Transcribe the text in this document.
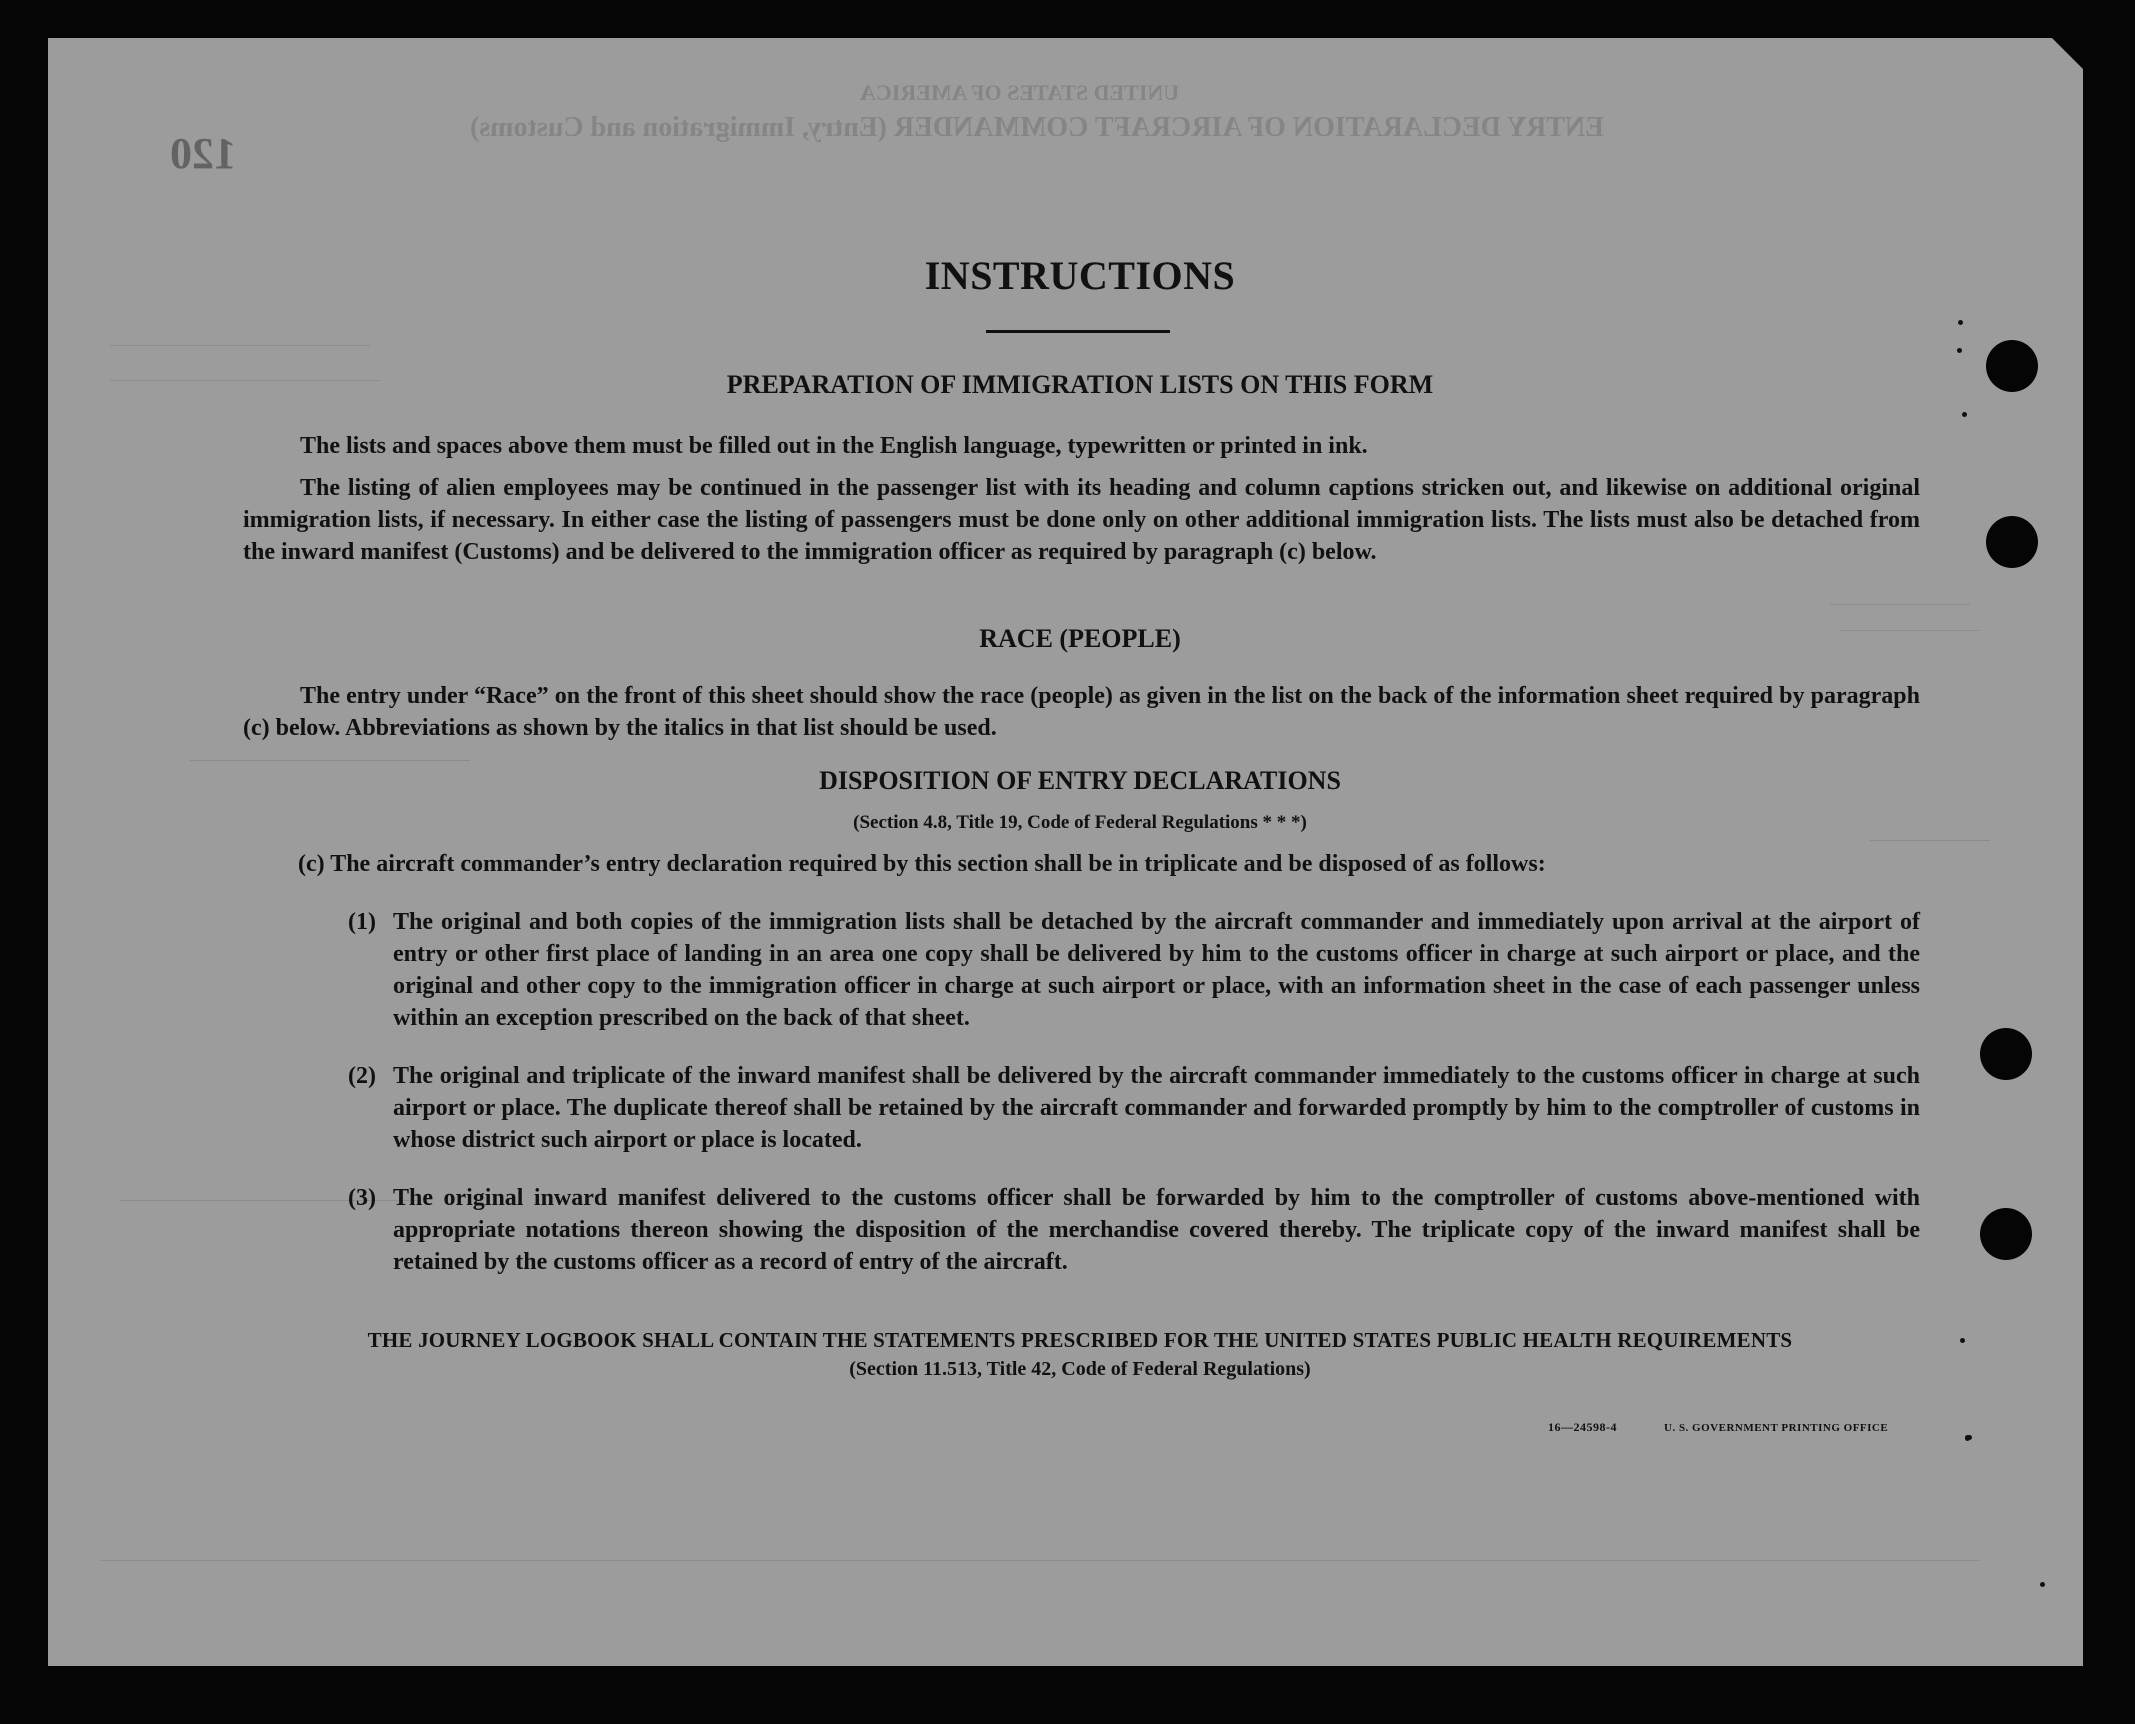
UNITED STATES OF AMERICA
ENTRY DECLARATION OF AIRCRAFT COMMANDER (Entry, Immigration and Customs)
120
INSTRUCTIONS
PREPARATION OF IMMIGRATION LISTS ON THIS FORM
The lists and spaces above them must be filled out in the English language, typewritten or printed in ink.
The listing of alien employees may be continued in the passenger list with its heading and column captions stricken out, and likewise on additional original immigration lists, if necessary. In either case the listing of passengers must be done only on other additional immigration lists. The lists must also be detached from the inward manifest (Customs) and be delivered to the immigration officer as required by paragraph (c) below.
RACE (PEOPLE)
The entry under “Race” on the front of this sheet should show the race (people) as given in the list on the back of the information sheet required by paragraph (c) below. Abbreviations as shown by the italics in that list should be used.
DISPOSITION OF ENTRY DECLARATIONS
(Section 4.8, Title 19, Code of Federal Regulations * * *)
(c) The aircraft commander’s entry declaration required by this section shall be in triplicate and be disposed of as follows:
(1) The original and both copies of the immigration lists shall be detached by the aircraft commander and immediately upon arrival at the airport of entry or other first place of landing in an area one copy shall be delivered by him to the customs officer in charge at such airport or place, and the original and other copy to the immigration officer in charge at such airport or place, with an information sheet in the case of each passenger unless within an exception prescribed on the back of that sheet.
(2) The original and triplicate of the inward manifest shall be delivered by the aircraft commander immediately to the customs officer in charge at such airport or place. The duplicate thereof shall be retained by the aircraft commander and forwarded promptly by him to the comptroller of customs in whose district such airport or place is located.
(3) The original inward manifest delivered to the customs officer shall be forwarded by him to the comptroller of customs above-mentioned with appropriate notations thereon showing the disposition of the merchandise covered thereby. The triplicate copy of the inward manifest shall be retained by the customs officer as a record of entry of the aircraft.
THE JOURNEY LOGBOOK SHALL CONTAIN THE STATEMENTS PRESCRIBED FOR THE UNITED STATES PUBLIC HEALTH REQUIREMENTS
(Section 11.513, Title 42, Code of Federal Regulations)
16—24598-4	U. S. GOVERNMENT PRINTING OFFICE
